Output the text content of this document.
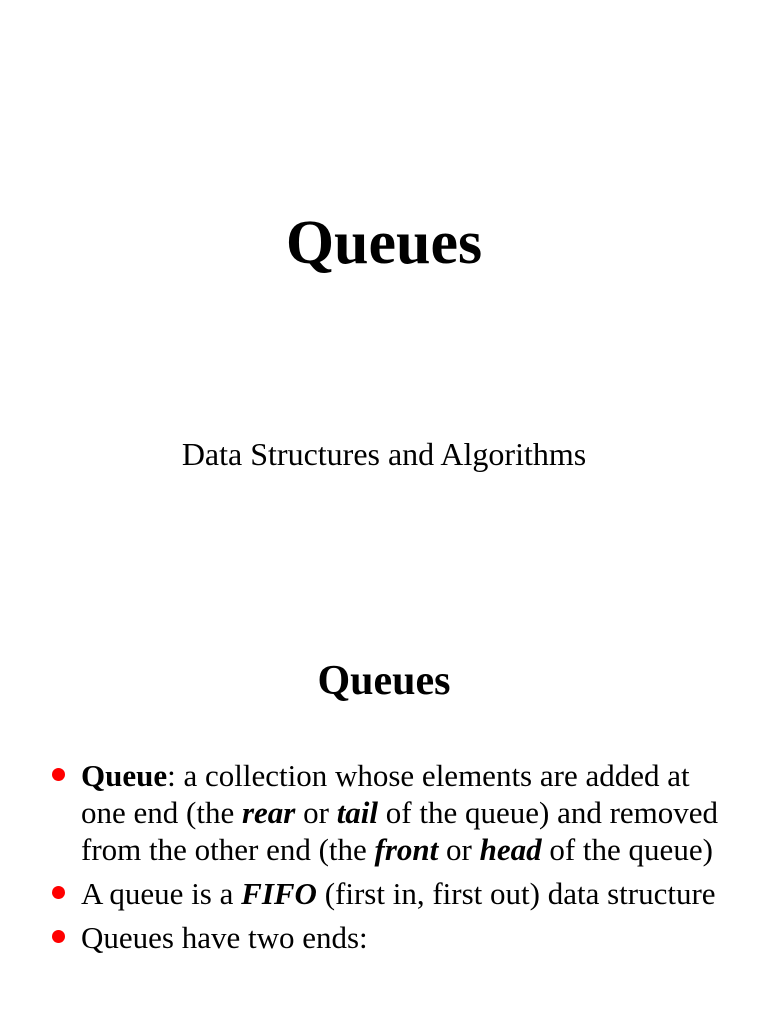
Queues

Data Structures and Algorithms

Queues
Queue: a collection whose elements are added at one end (the rear or tail of the queue) and removed from the other end (the front or head of the queue)
A queue is a FIFO (first in, first out) data structure
Queues have two ends:
